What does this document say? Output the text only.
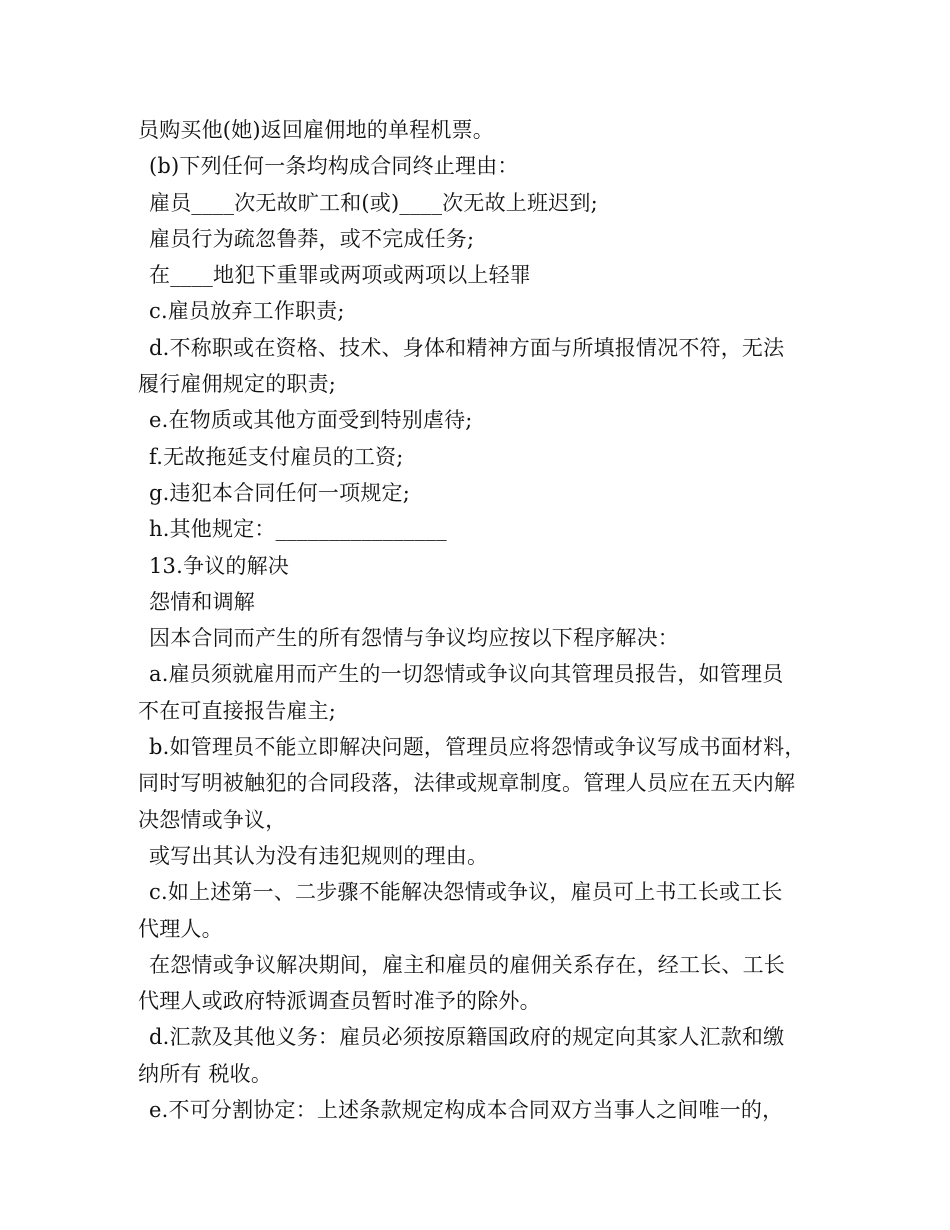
员购买他(她)返回雇佣地的单程机票。
(b)下列任何一条均构成合同终止理由：
雇员____次无故旷工和(或)____次无故上班迟到;
雇员行为疏忽鲁莽，或不完成任务;
在____地犯下重罪或两项或两项以上轻罪
c.雇员放弃工作职责;
d.不称职或在资格、技术、身体和精神方面与所填报情况不符，无法
履行雇佣规定的职责;
e.在物质或其他方面受到特别虐待;
f.无故拖延支付雇员的工资;
g.违犯本合同任何一项规定;
h.其他规定：________________
13.争议的解决
怨情和调解
因本合同而产生的所有怨情与争议均应按以下程序解决：
a.雇员须就雇用而产生的一切怨情或争议向其管理员报告，如管理员
不在可直接报告雇主;
b.如管理员不能立即解决问题，管理员应将怨情或争议写成书面材料，
同时写明被触犯的合同段落，法律或规章制度。管理人员应在五天内解
决怨情或争议，
或写出其认为没有违犯规则的理由。
c.如上述第一、二步骤不能解决怨情或争议，雇员可上书工长或工长
代理人。
在怨情或争议解决期间，雇主和雇员的雇佣关系存在，经工长、工长
代理人或政府特派调查员暂时准予的除外。
d.汇款及其他义务：雇员必须按原籍国政府的规定向其家人汇款和缴
纳所有 税收。
e.不可分割协定：上述条款规定构成本合同双方当事人之间唯一的，
